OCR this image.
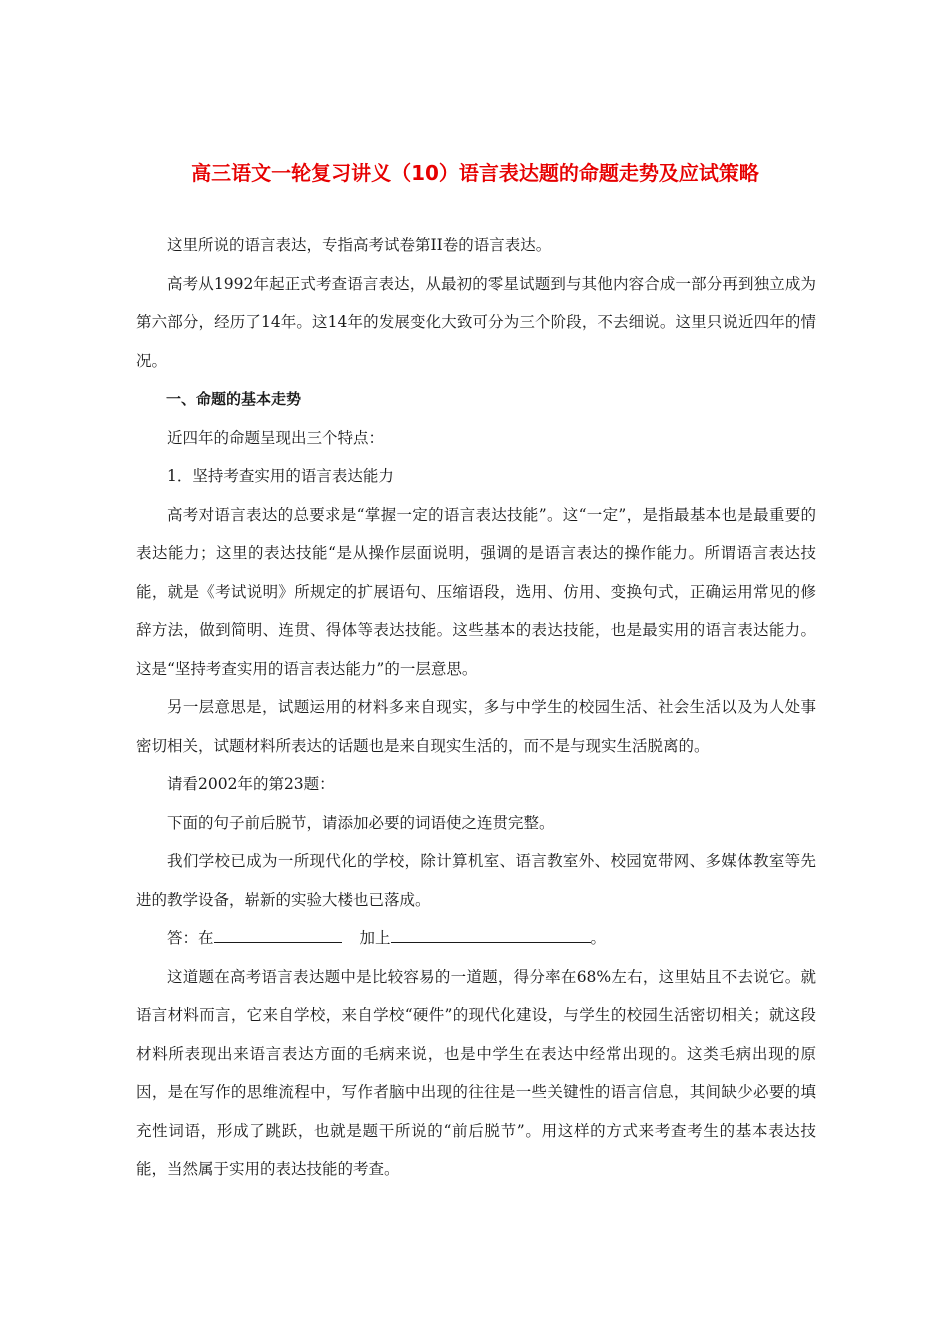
高三语文一轮复习讲义（10）语言表达题的命题走势及应试策略

这里所说的语言表达，专指高考试卷第II卷的语言表达。

高考从1992年起正式考查语言表达，从最初的零星试题到与其他内容合成一部分再到独立成为第六部分，经历了14年。这14年的发展变化大致可分为三个阶段，不去细说。这里只说近四年的情况。

一、命题的基本走势

近四年的命题呈现出三个特点：

1．坚持考查实用的语言表达能力

高考对语言表达的总要求是“掌握一定的语言表达技能”。这“一定”，是指最基本也是最重要的表达能力；这里的表达技能“是从操作层面说明，强调的是语言表达的操作能力。所谓语言表达技能，就是《考试说明》所规定的扩展语句、压缩语段，选用、仿用、变换句式，正确运用常见的修辞方法，做到简明、连贯、得体等表达技能。这些基本的表达技能，也是最实用的语言表达能力。这是“坚持考查实用的语言表达能力”的一层意思。

另一层意思是，试题运用的材料多来自现实，多与中学生的校园生活、社会生活以及为人处事密切相关，试题材料所表达的话题也是来自现实生活的，而不是与现实生活脱离的。

请看2002年的第23题：

下面的句子前后脱节，请添加必要的词语使之连贯完整。

我们学校已成为一所现代化的学校，除计算机室、语言教室外、校园宽带网、多媒体教室等先进的教学设备，崭新的实验大楼也已落成。

答：在	加上	。

这道题在高考语言表达题中是比较容易的一道题，得分率在68%左右，这里姑且不去说它。就语言材料而言，它来自学校，来自学校“硬件”的现代化建设，与学生的校园生活密切相关；就这段材料所表现出来语言表达方面的毛病来说，也是中学生在表达中经常出现的。这类毛病出现的原因，是在写作的思维流程中，写作者脑中出现的往往是一些关键性的语言信息，其间缺少必要的填充性词语，形成了跳跃，也就是题干所说的“前后脱节”。用这样的方式来考查考生的基本表达技能，当然属于实用的表达技能的考查。
